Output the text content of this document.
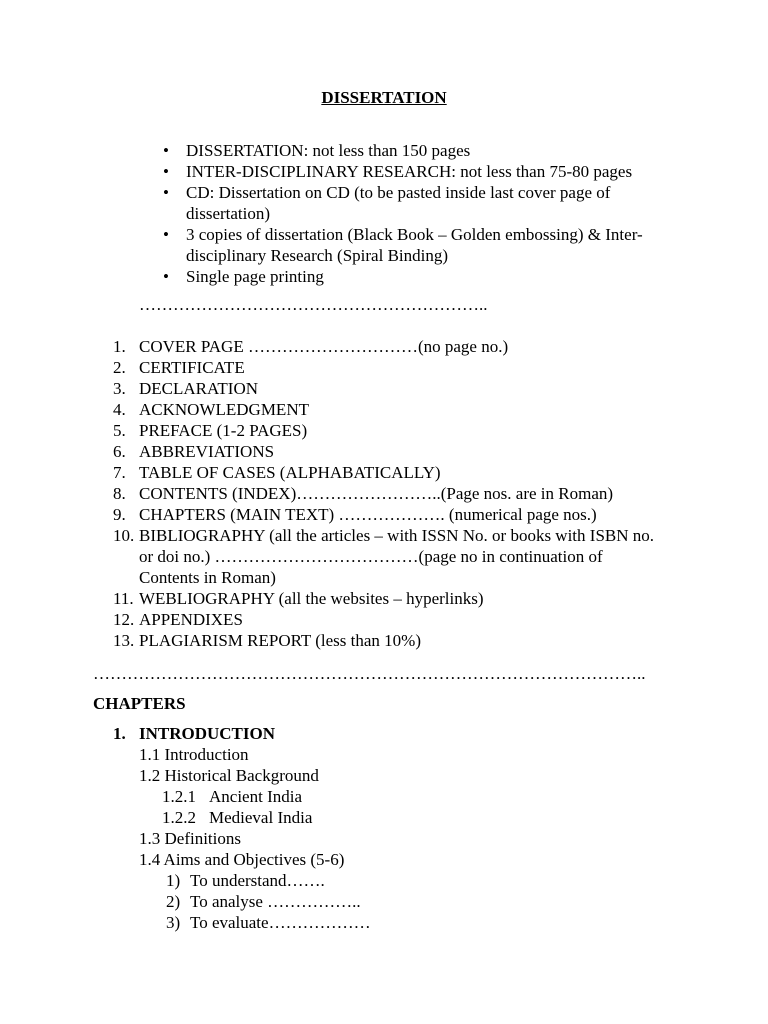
DISSERTATION
• DISSERTATION: not less than 150 pages
• INTER-DISCIPLINARY RESEARCH: not less than 75-80 pages
• CD: Dissertation on CD (to be pasted inside last cover page of dissertation)
• 3 copies of dissertation (Black Book – Golden embossing) & Inter-disciplinary Research (Spiral Binding)
• Single page printing
……………………………………………………..
1. COVER PAGE …………………………(no page no.)
2. CERTIFICATE
3. DECLARATION
4. ACKNOWLEDGMENT
5. PREFACE (1-2 PAGES)
6. ABBREVIATIONS
7. TABLE OF CASES (ALPHABATICALLY)
8. CONTENTS (INDEX)……………………..(Page nos. are in Roman)
9. CHAPTERS (MAIN TEXT) ………………. (numerical page nos.)
10. BIBLIOGRAPHY (all the articles – with ISSN No. or books with ISBN no. or doi no.) ………………………………(page no in continuation of Contents in Roman)
11. WEBLIOGRAPHY (all the websites – hyperlinks)
12. APPENDIXES
13. PLAGIARISM REPORT (less than 10%)
……………………………………………………………………………………..
CHAPTERS
1. INTRODUCTION
1.1 Introduction
1.2 Historical Background
1.2.1 Ancient India
1.2.2 Medieval India
1.3 Definitions
1.4 Aims and Objectives (5-6)
1) To understand…….
2) To analyse ……………..
3) To evaluate………………
